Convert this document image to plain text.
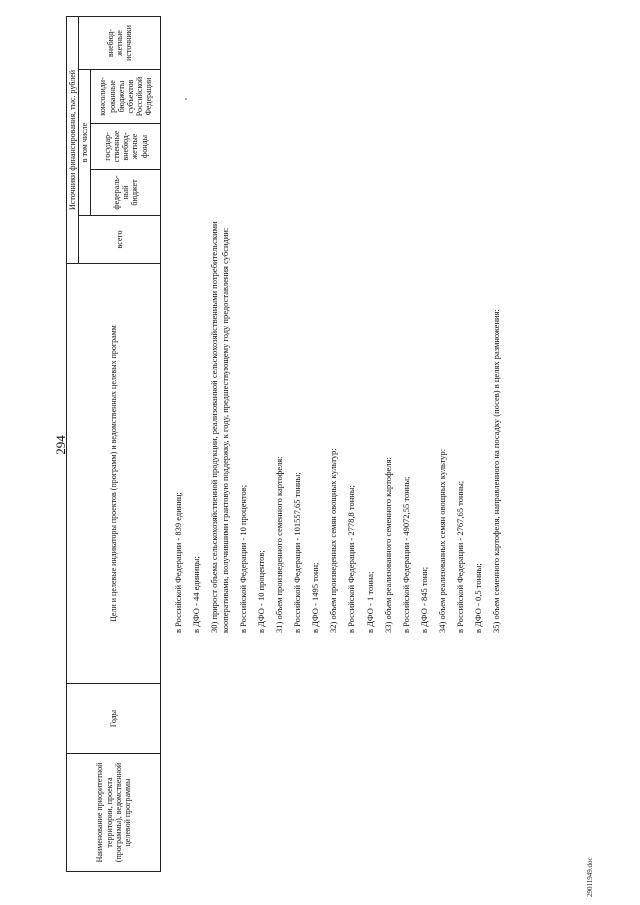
294
Наименование приоритетной территории, проекта (программы), ведомственной целевой программы	Годы	Цели и целевые индикаторы проектов (программ) и ведомственных целевых программ	Источники финансирования, тыс. рублей				
			всего	в том числе			внебюд- жетные источники
				федераль- ный бюджет	государ- ственные внебюд- жетные фонды	консолиди- рованные бюджеты субъектов Российской Федерации	
в Российской Федерации - 839 единиц; в ДФО - 44 единицы; 30) прирост объема сельскохозяйственной продукции, реализованной сельскохозяйственными потребительскими кооперативами, получившими грантовую поддержку, к году, предшествующему году предоставления субсидии: в Российской Федерации - 10 процентов; в ДФО - 10 процентов; 31) объем произведенного семенного картофеля: в Российской Федерации - 101557,65 тонны; в ДФО - 1495 тонн; 32) объем произведенных семян овощных культур: в Российской Федерации - 2778,8 тонны; в ДФО - 1 тонна; 33) объем реализованного семенного картофеля: в Российской Федерации - 49072,55 тонны; в ДФО - 845 тонн; 34) объем реализованных семян овощных культур: в Российской Федерации - 2767,65 тонны; в ДФО - 0,5 тонны; 35) объем семенного картофеля, направленного на посадку (посев) в целях размножения:
29011949.doc
